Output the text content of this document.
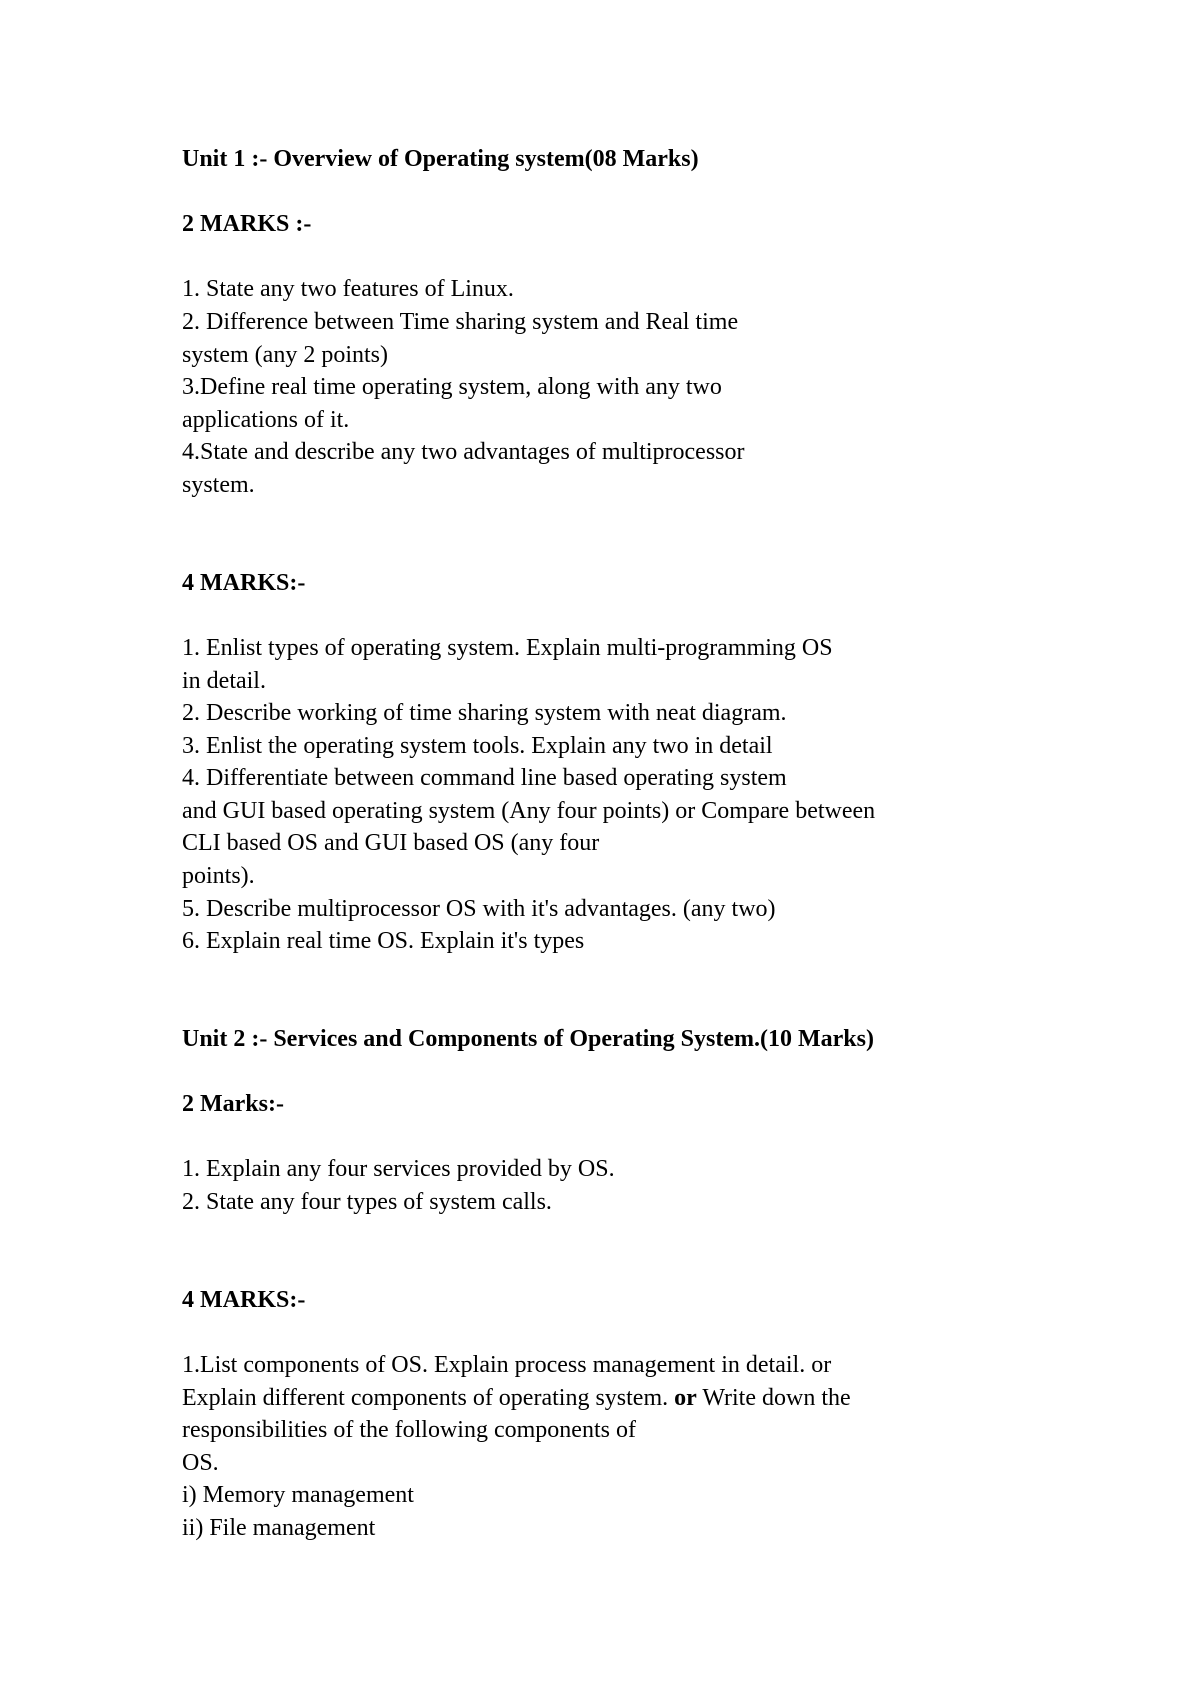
Unit 1 :- Overview of Operating system(08 Marks)
2 MARKS :-
1. State any two features of Linux.
2. Difference between Time sharing system and Real time
system (any 2 points)
3.Define real time operating system, along with any two
applications of it.
4.State and describe any two advantages of multiprocessor
system.
4 MARKS:-
1. Enlist types of operating system. Explain multi-programming OS
in detail.
2. Describe working of time sharing system with neat diagram.
3. Enlist the operating system tools. Explain any two in detail
4. Differentiate between command line based operating system
and GUI based operating system (Any four points) or Compare between
CLI based OS and GUI based OS (any four
points).
5. Describe multiprocessor OS with it's advantages. (any two)
6. Explain real time OS. Explain it's types
Unit 2 :- Services and Components of Operating System.(10 Marks)
2 Marks:-
1. Explain any four services provided by OS.
2. State any four types of system calls.
4 MARKS:-
1.List components of OS. Explain process management in detail. or
Explain different components of operating system. or Write down the
responsibilities of the following components of
OS.
i) Memory management
ii) File management
